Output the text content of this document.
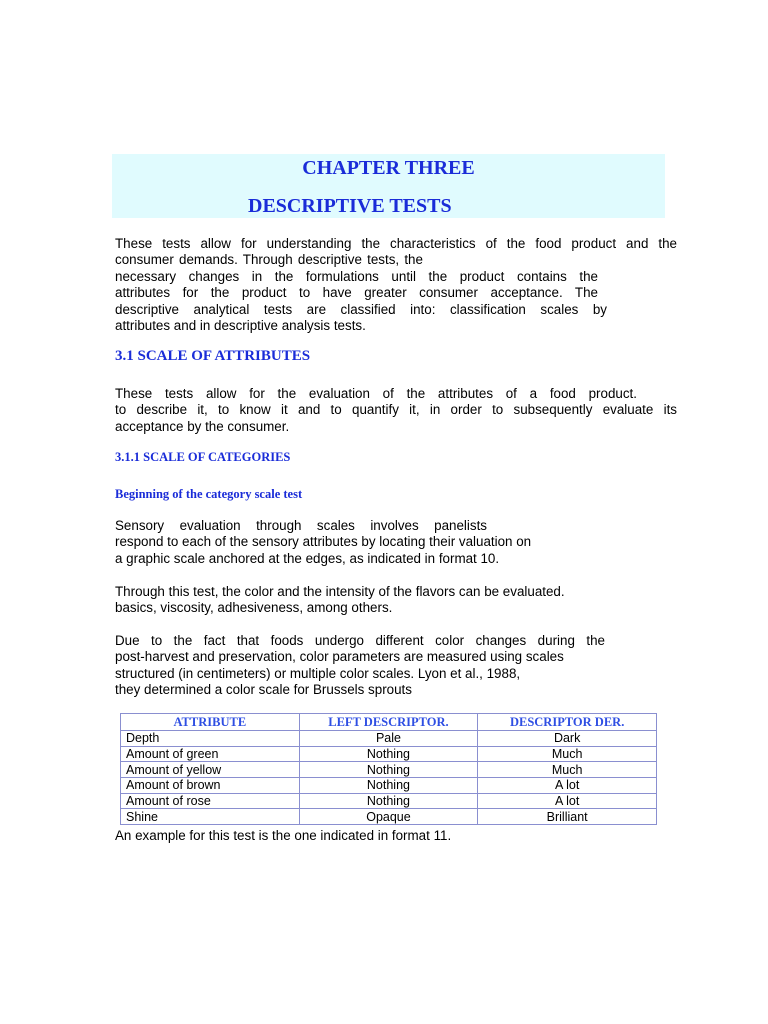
CHAPTER THREE
DESCRIPTIVE TESTS
These tests allow for understanding the characteristics of the food product and the
consumer demands. Through descriptive tests, the
necessary changes in the formulations until the product contains the
attributes for the product to have greater consumer acceptance. The
descriptive analytical tests are classified into: classification scales by
attributes and in descriptive analysis tests.
3.1 SCALE OF ATTRIBUTES
These tests allow for the evaluation of the attributes of a food product.
to describe it, to know it and to quantify it, in order to subsequently evaluate its
acceptance by the consumer.
3.1.1 SCALE OF CATEGORIES
Beginning of the category scale test
Sensory evaluation through scales involves panelists
respond to each of the sensory attributes by locating their valuation on
a graphic scale anchored at the edges, as indicated in format 10.
Through this test, the color and the intensity of the flavors can be evaluated.
basics, viscosity, adhesiveness, among others.
Due to the fact that foods undergo different color changes during the
post-harvest and preservation, color parameters are measured using scales
structured (in centimeters) or multiple color scales. Lyon et al., 1988,
they determined a color scale for Brussels sprouts
ATTRIBUTE	LEFT DESCRIPTOR.	DESCRIPTOR DER.
Depth	Pale	Dark
Amount of green	Nothing	Much
Amount of yellow	Nothing	Much
Amount of brown	Nothing	A lot
Amount of rose	Nothing	A lot
Shine	Opaque	Brilliant
An example for this test is the one indicated in format 11.
